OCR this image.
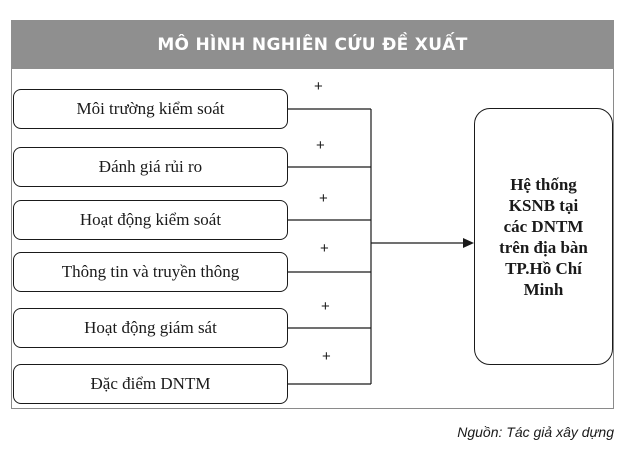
MÔ HÌNH NGHIÊN CỨU ĐỀ XUẤT
Môi trường kiểm soát
Đánh giá rủi ro
Hoạt động kiểm soát
Thông tin và truyền thông
Hoạt động giám sát
Đặc điểm DNTM
+
+
+
+
+
+
Hệ thống
KSNB tại
các DNTM
trên địa bàn
TP.Hồ Chí
Minh
Nguồn: Tác giả xây dựng
